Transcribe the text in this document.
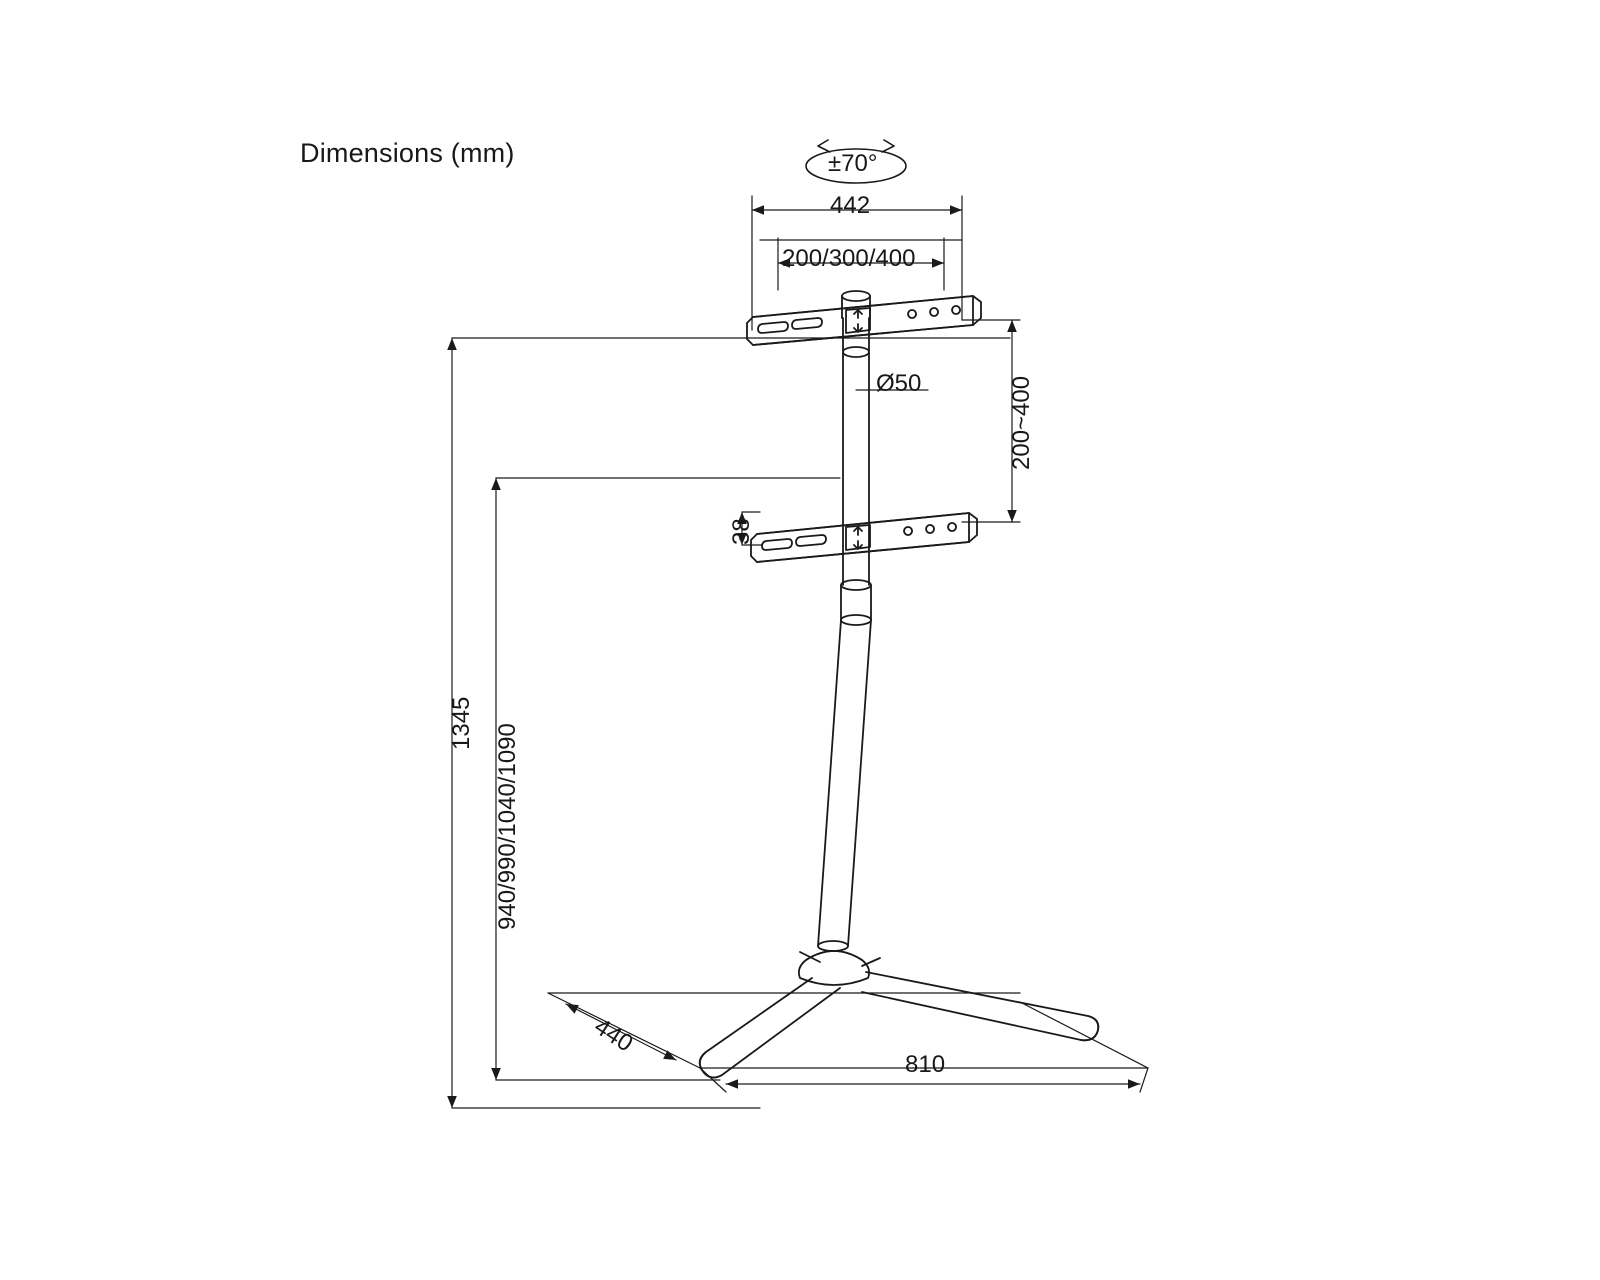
Dimensions (mm)	±70°
442
200/300/400
Ø50	200~400
38
1345 940/990/1040/1090
440
810
